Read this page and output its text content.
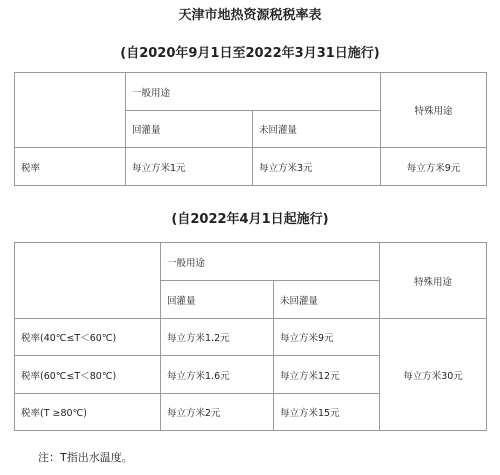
天津市地热资源税税率表
(自2020年9月1日至2022年3月31日施行)
	一般用途		特殊用途
	回灌量	未回灌量	
税率	每立方米1元	每立方米3元	每立方米9元
(自2022年4月1日起施行)
	一般用途		特殊用途
	回灌量	未回灌量	
税率(40℃≤T＜60℃)	每立方米1.2元	每立方米9元	每立方米30元
税率(60℃≤T＜80℃)	每立方米1.6元	每立方米12元	
税率(T ≥80℃)	每立方米2元	每立方米15元	
注：T指出水温度。
